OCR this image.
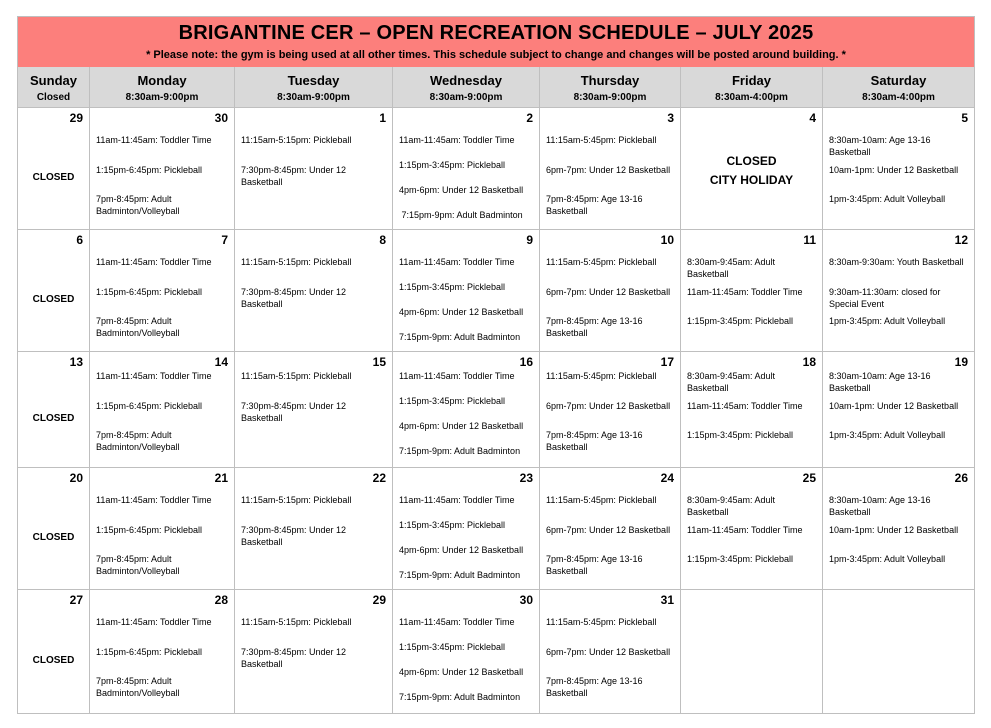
BRIGANTINE CER – OPEN RECREATION SCHEDULE – JULY 2025
* Please note: the gym is being used at all other times. This schedule subject to change and changes will be posted around building. *
Sunday
Closed
Monday
8:30am-9:00pm
Tuesday
8:30am-9:00pm
Wednesday
8:30am-9:00pm
Thursday
8:30am-9:00pm
Friday
8:30am-4:00pm
Saturday
8:30am-4:00pm
29
CLOSED
30
11am-11:45am: Toddler Time
1:15pm-6:45pm: Pickleball
7pm-8:45pm: Adult Badminton/Volleyball
1
11:15am-5:15pm: Pickleball
7:30pm-8:45pm: Under 12 Basketball
2
11am-11:45am: Toddler Time
1:15pm-3:45pm: Pickleball
4pm-6pm: Under 12 Basketball
7:15pm-9pm: Adult Badminton
3
11:15am-5:45pm: Pickleball
6pm-7pm: Under 12 Basketball
7pm-8:45pm: Age 13-16 Basketball
4
CLOSED
CITY HOLIDAY
5
8:30am-10am: Age 13-16 Basketball
10am-1pm: Under 12 Basketball
1pm-3:45pm: Adult Volleyball
6
CLOSED
7
11am-11:45am: Toddler Time
1:15pm-6:45pm: Pickleball
7pm-8:45pm: Adult Badminton/Volleyball
8
11:15am-5:15pm: Pickleball
7:30pm-8:45pm: Under 12 Basketball
9
11am-11:45am: Toddler Time
1:15pm-3:45pm: Pickleball
4pm-6pm: Under 12 Basketball
7:15pm-9pm: Adult Badminton
10
11:15am-5:45pm: Pickleball
6pm-7pm: Under 12 Basketball
7pm-8:45pm: Age 13-16 Basketball
11
8:30am-9:45am: Adult Basketball
11am-11:45am: Toddler Time
1:15pm-3:45pm: Pickleball
12
8:30am-9:30am: Youth Basketball
9:30am-11:30am: closed for Special Event
1pm-3:45pm: Adult Volleyball
13
CLOSED
14
11am-11:45am: Toddler Time
1:15pm-6:45pm: Pickleball
7pm-8:45pm: Adult Badminton/Volleyball
15
11:15am-5:15pm: Pickleball
7:30pm-8:45pm: Under 12 Basketball
16
11am-11:45am: Toddler Time
1:15pm-3:45pm: Pickleball
4pm-6pm: Under 12 Basketball
7:15pm-9pm: Adult Badminton
17
11:15am-5:45pm: Pickleball
6pm-7pm: Under 12 Basketball
7pm-8:45pm: Age 13-16 Basketball
18
8:30am-9:45am: Adult Basketball
11am-11:45am: Toddler Time
1:15pm-3:45pm: Pickleball
19
8:30am-10am: Age 13-16 Basketball
10am-1pm: Under 12 Basketball
1pm-3:45pm: Adult Volleyball
20
CLOSED
21
11am-11:45am: Toddler Time
1:15pm-6:45pm: Pickleball
7pm-8:45pm: Adult Badminton/Volleyball
22
11:15am-5:15pm: Pickleball
7:30pm-8:45pm: Under 12 Basketball
23
11am-11:45am: Toddler Time
1:15pm-3:45pm: Pickleball
4pm-6pm: Under 12 Basketball
7:15pm-9pm: Adult Badminton
24
11:15am-5:45pm: Pickleball
6pm-7pm: Under 12 Basketball
7pm-8:45pm: Age 13-16 Basketball
25
8:30am-9:45am: Adult Basketball
11am-11:45am: Toddler Time
1:15pm-3:45pm: Pickleball
26
8:30am-10am: Age 13-16 Basketball
10am-1pm: Under 12 Basketball
1pm-3:45pm: Adult Volleyball
27
CLOSED
28
11am-11:45am: Toddler Time
1:15pm-6:45pm: Pickleball
7pm-8:45pm: Adult Badminton/Volleyball
29
11:15am-5:15pm: Pickleball
7:30pm-8:45pm: Under 12 Basketball
30
11am-11:45am: Toddler Time
1:15pm-3:45pm: Pickleball
4pm-6pm: Under 12 Basketball
7:15pm-9pm: Adult Badminton
31
11:15am-5:45pm: Pickleball
6pm-7pm: Under 12 Basketball
7pm-8:45pm: Age 13-16 Basketball
